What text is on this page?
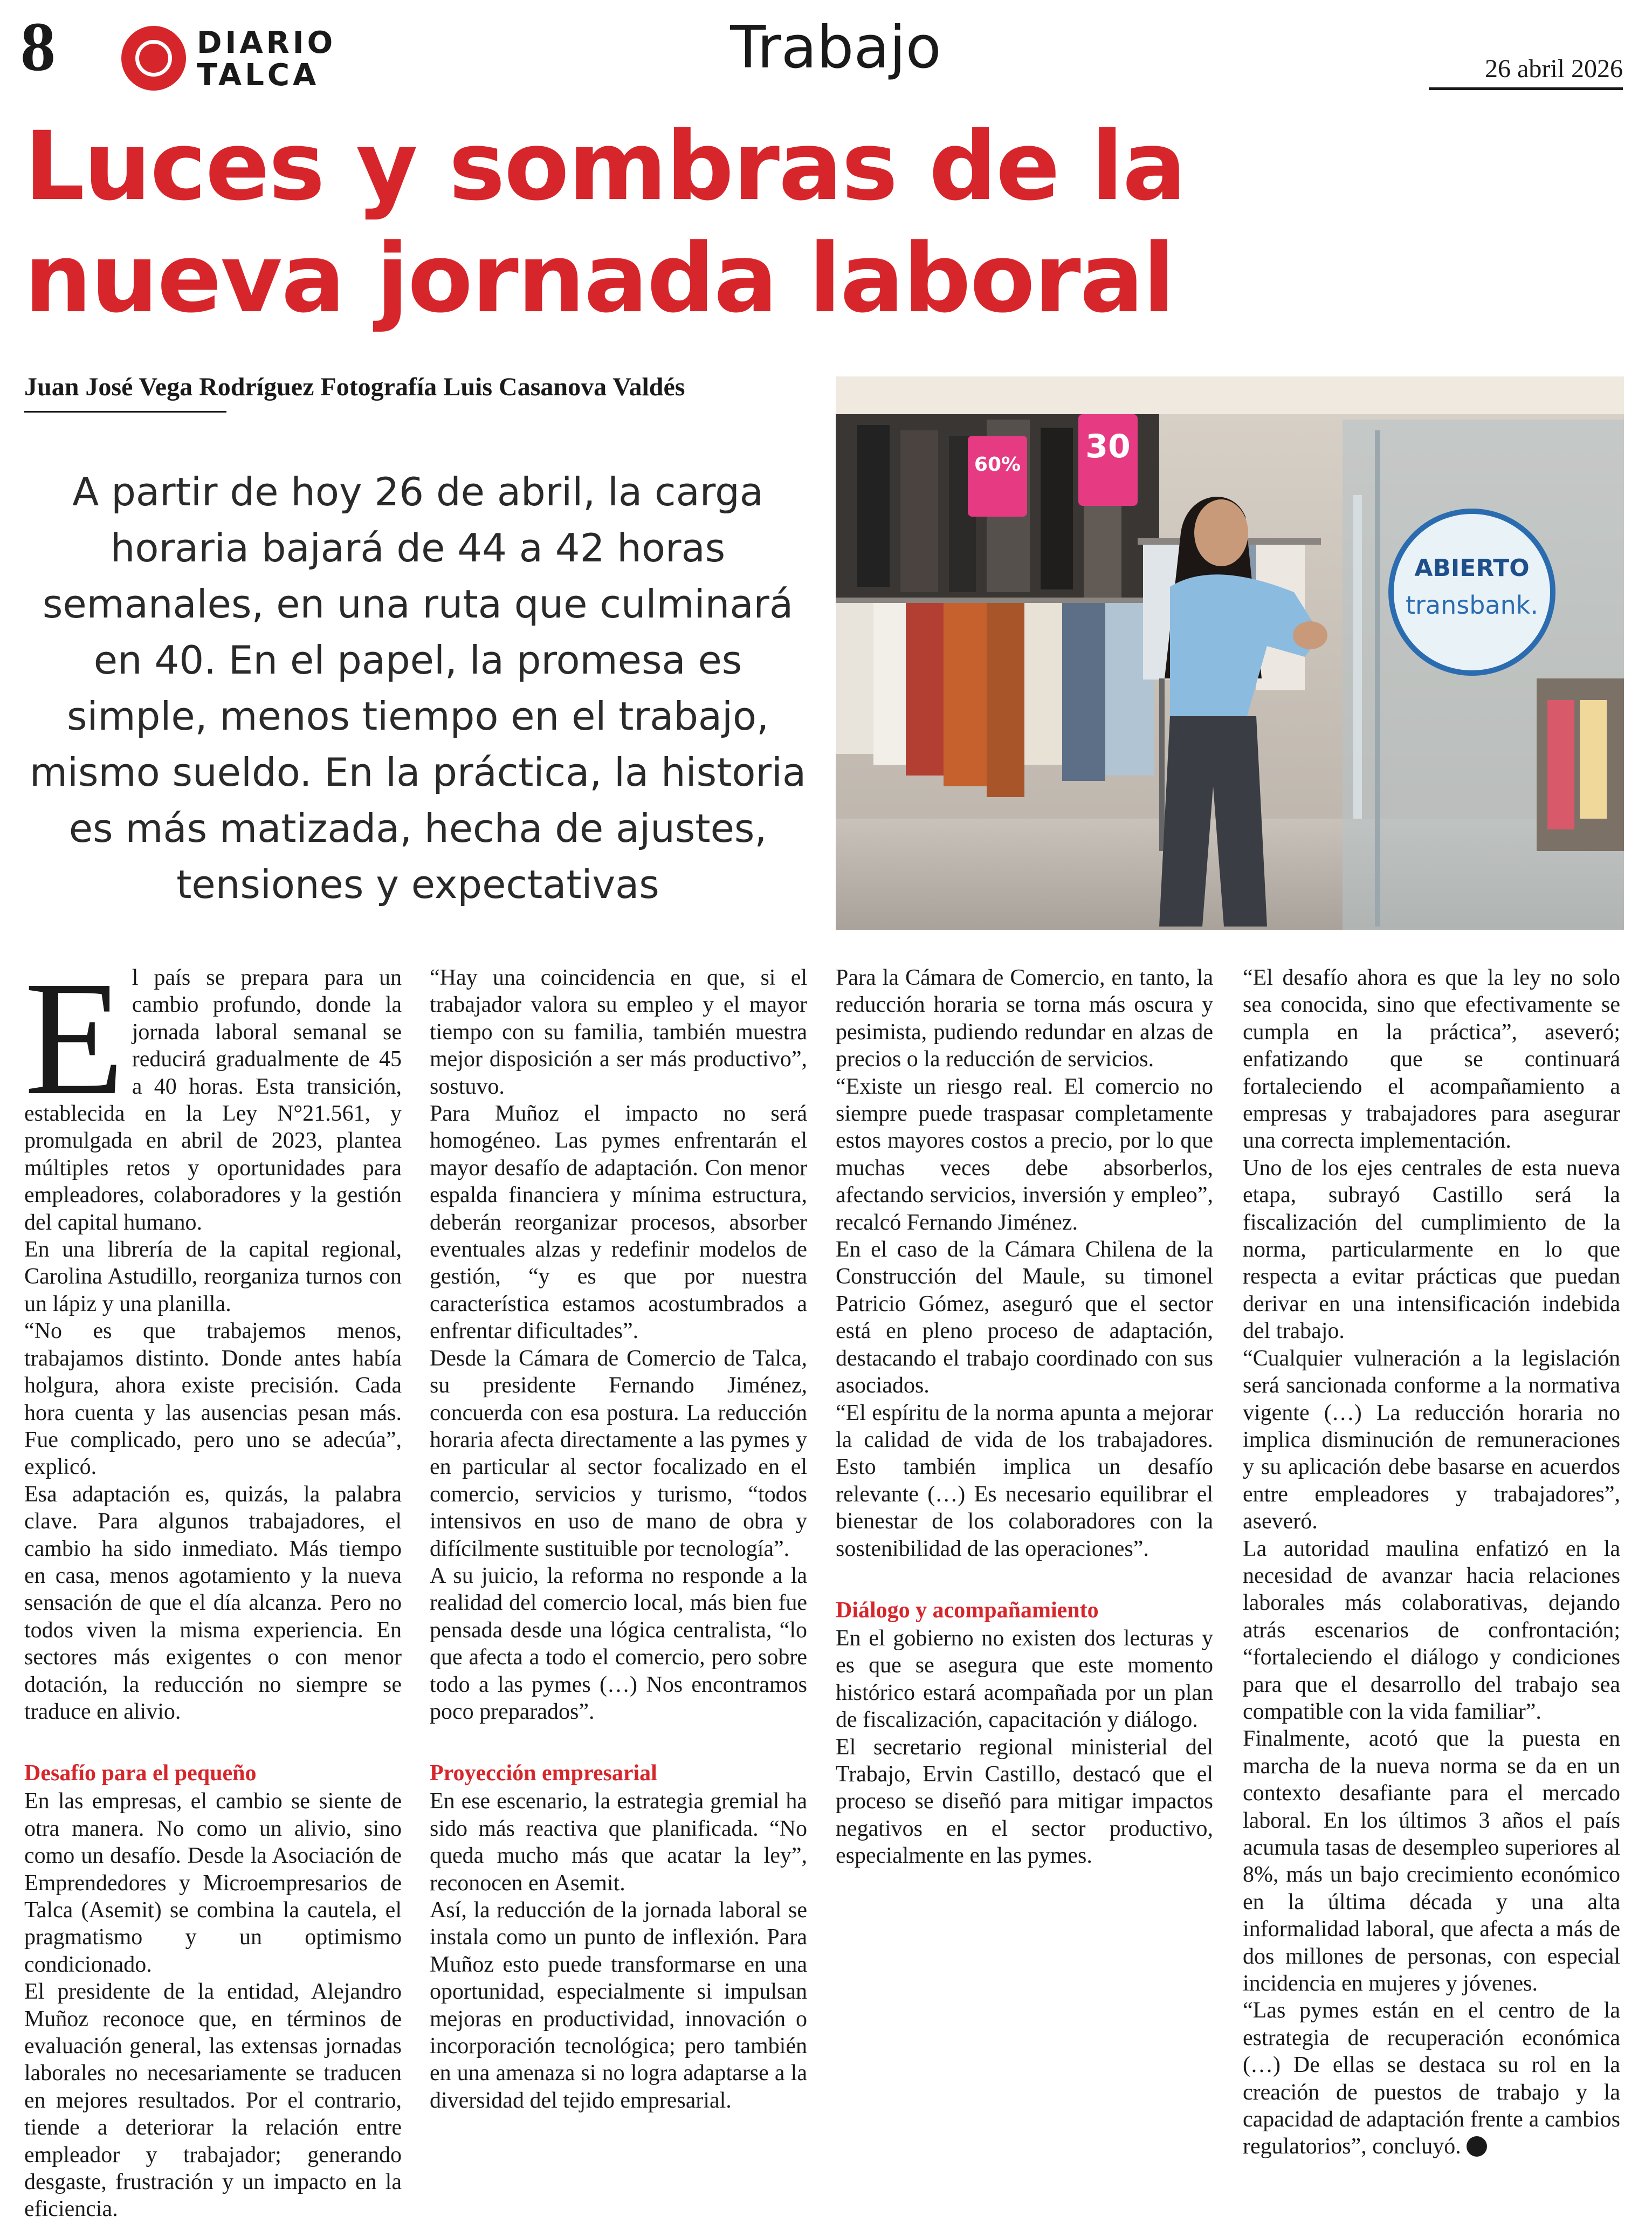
8	DIARIO
TALCA	Trabajo	26 abril 2026
Luces y sombras de la
nueva jornada laboral
Juan José Vega Rodríguez Fotografía Luis Casanova Valdés
A partir de hoy 26 de abril, la carga horaria bajará de 44 a 42 horas semanales, en una ruta que culminará en 40. En el papel, la promesa es simple, menos tiempo en el trabajo, mismo sueldo. En la práctica, la historia es más matizada, hecha de ajustes, tensiones y expectativas
60% 30
ABIERTO
transbank.

E l país se prepara para un cambio profundo, donde la jornada laboral semanal se reducirá gradualmente de 45 a 40 horas. Esta transición, establecida en la Ley N°21.561, y promulgada en abril de 2023, plantea múltiples retos y oportunidades para empleadores, colaboradores y la gestión del capital humano.

En una librería de la capital regional, Carolina Astudillo, reorganiza turnos con un lápiz y una planilla.

“No es que trabajemos menos, trabajamos distinto. Donde antes había holgura, ahora existe precisión. Cada hora cuenta y las ausencias pesan más. Fue complicado, pero uno se adecúa”, explicó.

Esa adaptación es, quizás, la palabra clave. Para algunos trabajadores, el cambio ha sido inmediato. Más tiempo en casa, menos agotamiento y la nueva sensación de que el día alcanza. Pero no todos viven la misma experiencia. En sectores más exigentes o con menor dotación, la reducción no siempre se traduce en alivio.

Desafío para el pequeño

En las empresas, el cambio se siente de otra manera. No como un alivio, sino como un desafío. Desde la Asociación de Emprendedores y Microempresarios de Talca (Asemit) se combina la cautela, el pragmatismo y un optimismo condicionado.

El presidente de la entidad, Alejandro Muñoz reconoce que, en términos de evaluación general, las extensas jornadas laborales no necesariamente se traducen en mejores resultados. Por el contrario, tiende a deteriorar la relación entre empleador y trabajador; generando desgaste, frustración y un impacto en la eficiencia.

“Hay una coincidencia en que, si el trabajador valora su empleo y el mayor tiempo con su familia, también muestra mejor disposición a ser más productivo”, sostuvo.

Para Muñoz el impacto no será homogéneo. Las pymes enfrentarán el mayor desafío de adaptación. Con menor espalda financiera y mínima estructura, deberán reorganizar procesos, absorber eventuales alzas y redefinir modelos de gestión, “y es que por nuestra característica estamos acostumbrados a enfrentar dificultades”.

Desde la Cámara de Comercio de Talca, su presidente Fernando Jiménez, concuerda con esa postura. La reducción horaria afecta directamente a las pymes y en particular al sector focalizado en el comercio, servicios y turismo, “todos intensivos en uso de mano de obra y difícilmente sustituible por tecnología”.

A su juicio, la reforma no responde a la realidad del comercio local, más bien fue pensada desde una lógica centralista, “lo que afecta a todo el comercio, pero sobre todo a las pymes (…) Nos encontramos poco preparados”.

Proyección empresarial

En ese escenario, la estrategia gremial ha sido más reactiva que planificada. “No queda mucho más que acatar la ley”, reconocen en Asemit.

Así, la reducción de la jornada laboral se instala como un punto de inflexión. Para Muñoz esto puede transformarse en una oportunidad, especialmente si impulsan mejoras en productividad, innovación o incorporación tecnológica; pero también en una amenaza si no logra adaptarse a la diversidad del tejido empresarial.

Para la Cámara de Comercio, en tanto, la reducción horaria se torna más oscura y pesimista, pudiendo redundar en alzas de precios o la reducción de servicios.

“Existe un riesgo real. El comercio no siempre puede traspasar completamente estos mayores costos a precio, por lo que muchas veces debe absorberlos, afectando servicios, inversión y empleo”, recalcó Fernando Jiménez.

En el caso de la Cámara Chilena de la Construcción del Maule, su timonel Patricio Gómez, aseguró que el sector está en pleno proceso de adaptación, destacando el trabajo coordinado con sus asociados.

“El espíritu de la norma apunta a mejorar la calidad de vida de los trabajadores. Esto también implica un desafío relevante (…) Es necesario equilibrar el bienestar de los colaboradores con la sostenibilidad de las operaciones”.

Diálogo y acompañamiento

En el gobierno no existen dos lecturas y es que se asegura que este momento histórico estará acompañada por un plan de fiscalización, capacitación y diálogo.

El secretario regional ministerial del Trabajo, Ervin Castillo, destacó que el proceso se diseñó para mitigar impactos negativos en el sector productivo, especialmente en las pymes.

“El desafío ahora es que la ley no solo sea conocida, sino que efectivamente se cumpla en la práctica”, aseveró; enfatizando que se continuará fortaleciendo el acompañamiento a empresas y trabajadores para asegurar una correcta implementación.

Uno de los ejes centrales de esta nueva etapa, subrayó Castillo será la fiscalización del cumplimiento de la norma, particularmente en lo que respecta a evitar prácticas que puedan derivar en una intensificación indebida del trabajo.

“Cualquier vulneración a la legislación será sancionada conforme a la normativa vigente (…) La reducción horaria no implica disminución de remuneraciones y su aplicación debe basarse en acuerdos entre empleadores y trabajadores”, aseveró.

La autoridad maulina enfatizó en la necesidad de avanzar hacia relaciones laborales más colaborativas, dejando atrás escenarios de confrontación; “fortaleciendo el diálogo y condiciones para que el desarrollo del trabajo sea compatible con la vida familiar”.

Finalmente, acotó que la puesta en marcha de la nueva norma se da en un contexto desafiante para el mercado laboral. En los últimos 3 años el país acumula tasas de desempleo superiores al 8%, más un bajo crecimiento económico en la última década y una alta informalidad laboral, que afecta a más de dos millones de personas, con especial incidencia en mujeres y jóvenes.

“Las pymes están en el centro de la estrategia de recuperación económica (…) De ellas se destaca su rol en la creación de puestos de trabajo y la capacidad de adaptación frente a cambios regulatorios”, concluyó.
